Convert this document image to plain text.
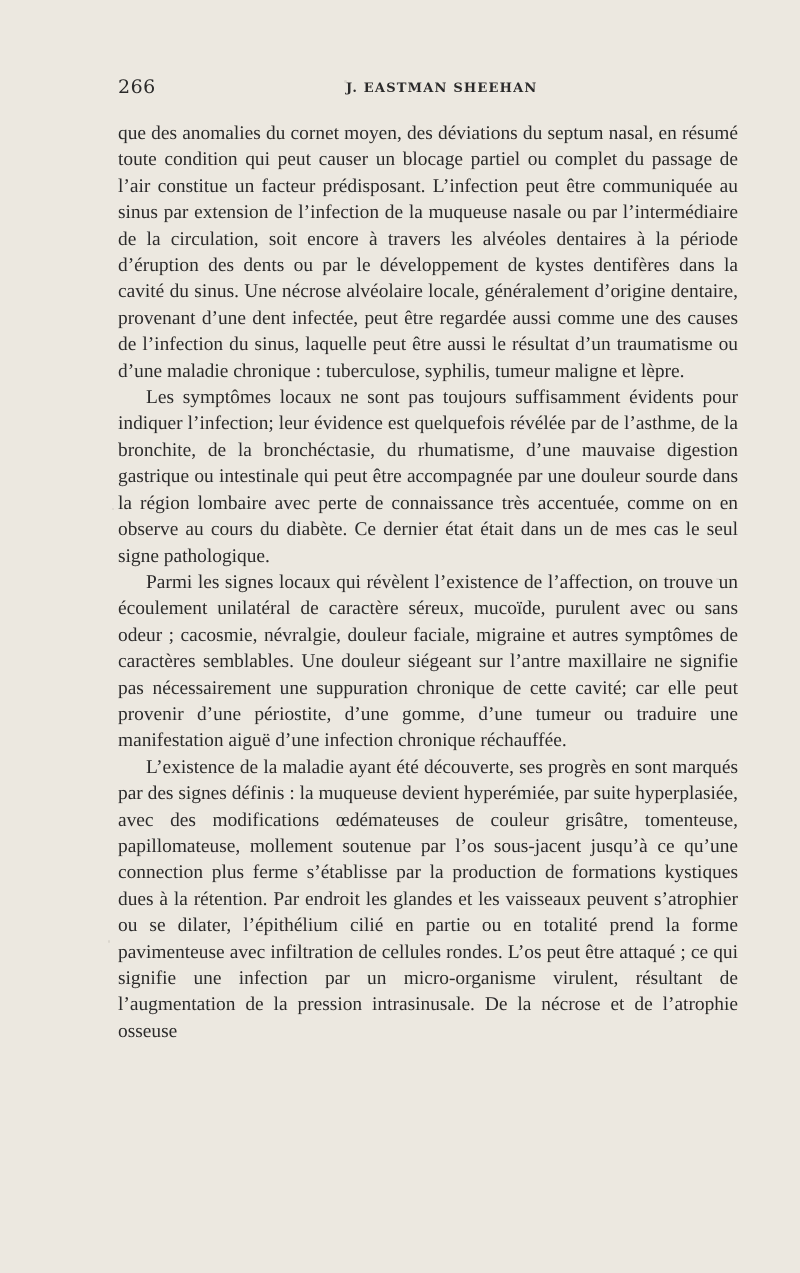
266	J. EASTMAN SHEEHAN

que des anomalies du cornet moyen, des déviations du septum nasal, en résumé toute condition qui peut causer un blocage partiel ou complet du passage de l’air constitue un facteur prédisposant. L’infection peut être communiquée au sinus par extension de l’infection de la muqueuse nasale ou par l’intermédiaire de la circulation, soit encore à travers les alvéoles dentaires à la période d’éruption des dents ou par le développement de kystes dentifères dans la cavité du sinus. Une nécrose alvéolaire locale, généralement d’origine dentaire, provenant d’une dent infectée, peut être regardée aussi comme une des causes de l’infection du sinus, laquelle peut être aussi le résultat d’un traumatisme ou d’une maladie chronique : tuberculose, syphilis, tumeur maligne et lèpre.

Les symptômes locaux ne sont pas toujours suffisamment évidents pour indiquer l’infection; leur évidence est quelquefois révélée par de l’asthme, de la bronchite, de la bronchéctasie, du rhumatisme, d’une mauvaise digestion gastrique ou intestinale qui peut être accompagnée par une douleur sourde dans la région lombaire avec perte de connaissance très accentuée, comme on en observe au cours du diabète. Ce dernier état était dans un de mes cas le seul signe pathologique.

Parmi les signes locaux qui révèlent l’existence de l’affection, on trouve un écoulement unilatéral de caractère séreux, mucoïde, purulent avec ou sans odeur ; cacosmie, névralgie, douleur faciale, migraine et autres symptômes de caractères semblables. Une douleur siégeant sur l’antre maxillaire ne signifie pas nécessairement une suppuration chronique de cette cavité; car elle peut provenir d’une périostite, d’une gomme, d’une tumeur ou traduire une manifestation aiguë d’une infection chronique réchauffée.

L’existence de la maladie ayant été découverte, ses progrès en sont marqués par des signes définis : la muqueuse devient hyperémiée, par suite hyperplasiée, avec des modifications œdémateuses de couleur grisâtre, tomenteuse, papillomateuse, mollement soutenue par l’os sous-jacent jusqu’à ce qu’une connection plus ferme s’établisse par la production de formations kystiques dues à la rétention. Par endroit les glandes et les vaisseaux peuvent s’atrophier ou se dilater, l’épithélium cilié en partie ou en totalité prend la forme pavimenteuse avec infiltration de cellules rondes. L’os peut être attaqué ; ce qui signifie une infection par un micro-organisme virulent, résultant de l’augmentation de la pression intrasinusale. De la nécrose et de l’atrophie osseuse
